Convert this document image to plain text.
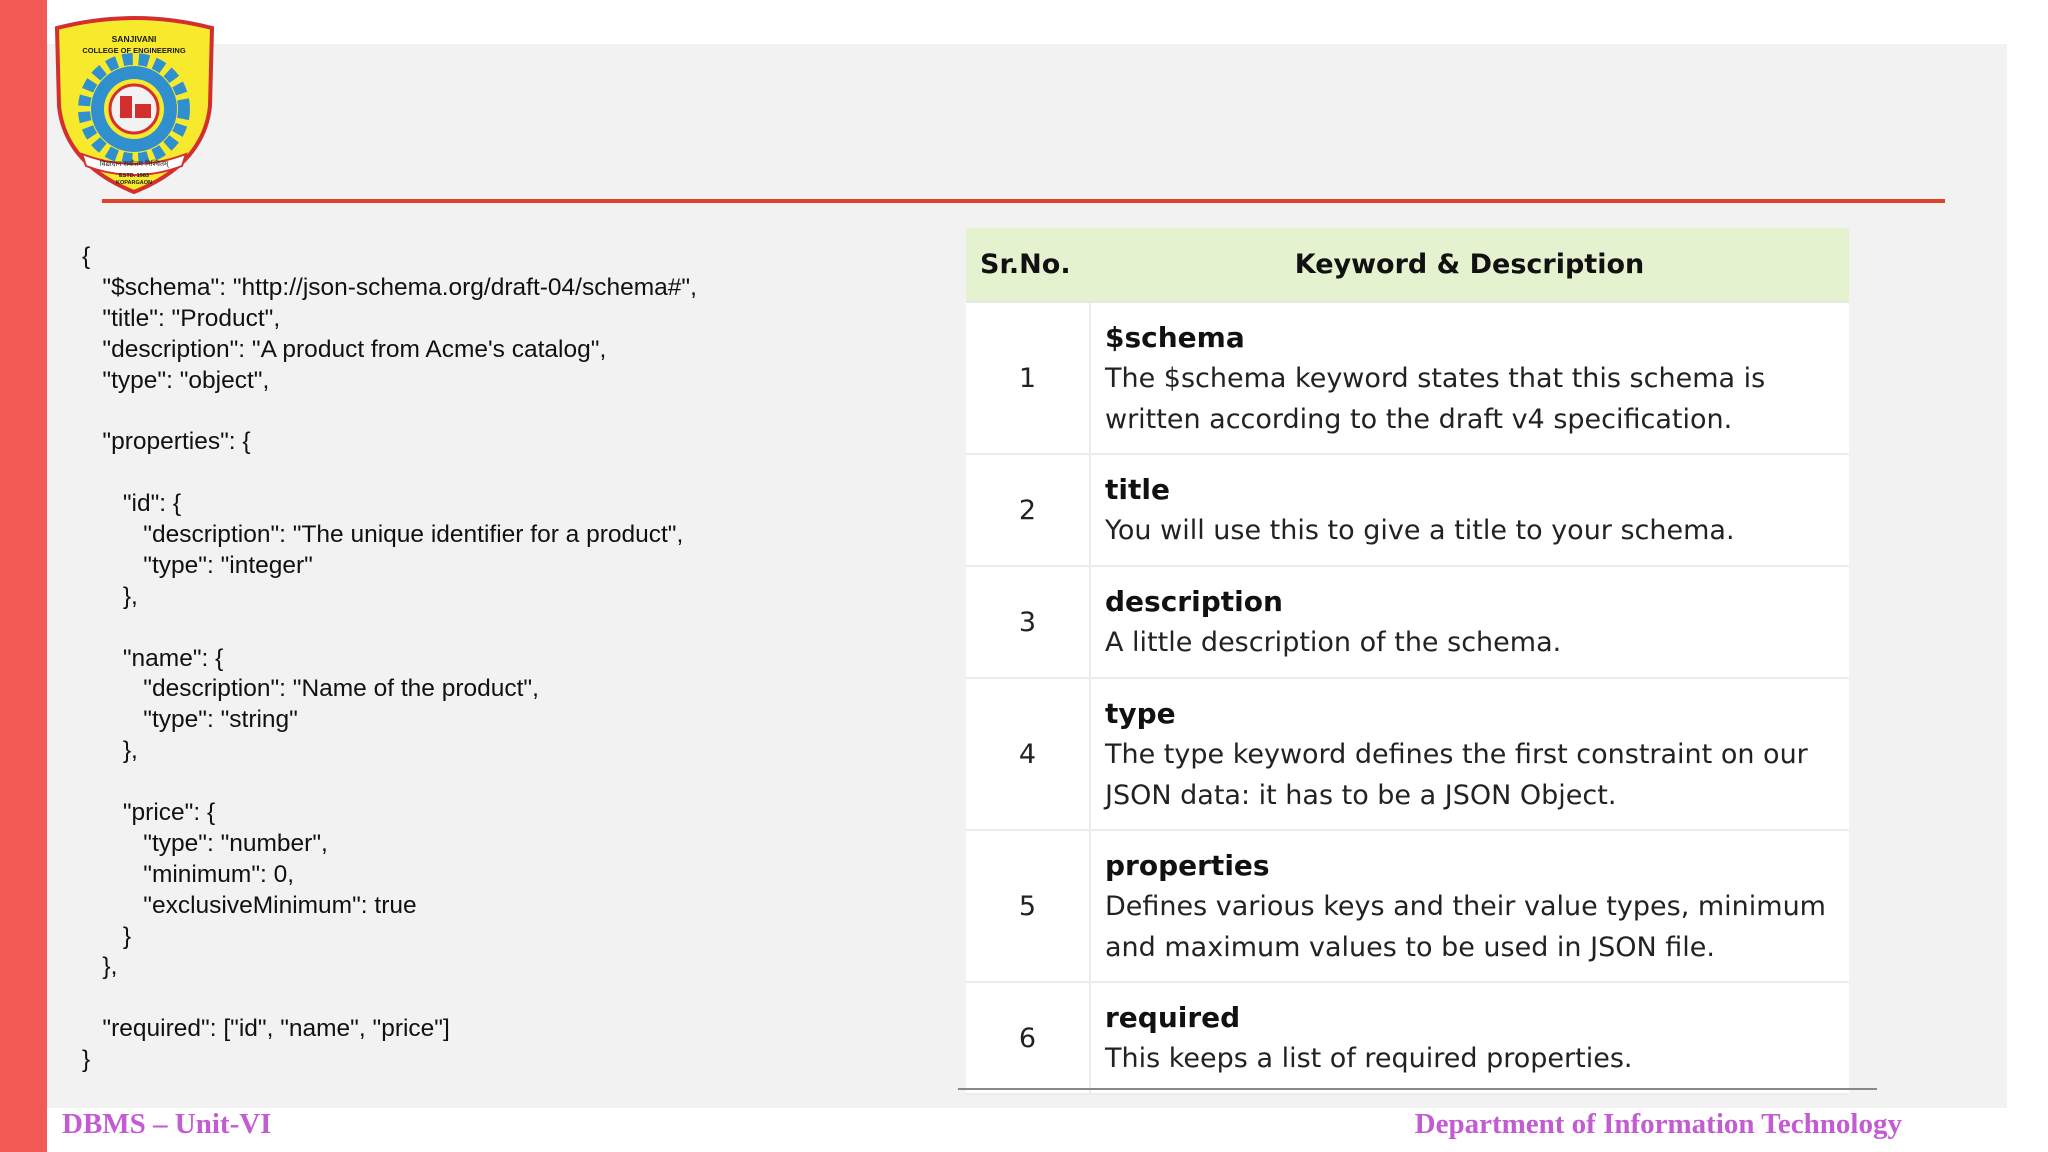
SANJIVANI
COLLEGE OF ENGINEERING
विद्यादान सर्वोत्तम निश्चितम्
ESTD. 1983
KOPARGAON
{
"$schema": "http://json-schema.org/draft-04/schema#",
"title": "Product",
"description": "A product from Acme's catalog",
"type": "object",
"properties": {
"id": {
"description": "The unique identifier for a product",
"type": "integer"
},
"name": {
"description": "Name of the product",
"type": "string"
},
"price": {
"type": "number",
"minimum": 0,
"exclusiveMinimum": true
}
},
"required": ["id", "name", "price"]
}
Sr.No.	Keyword & Description
1	$schema
The $schema keyword states that this schema is written according to the draft v4 specification.

2	title
You will use this to give a title to your schema.

3	description
A little description of the schema.

4	type
The type keyword defines the first constraint on our JSON data: it has to be a JSON Object.

5	properties
Defines various keys and their value types, minimum and maximum values to be used in JSON file.

6	required
This keeps a list of required properties.
DBMS – Unit-VI	Department of Information Technology
